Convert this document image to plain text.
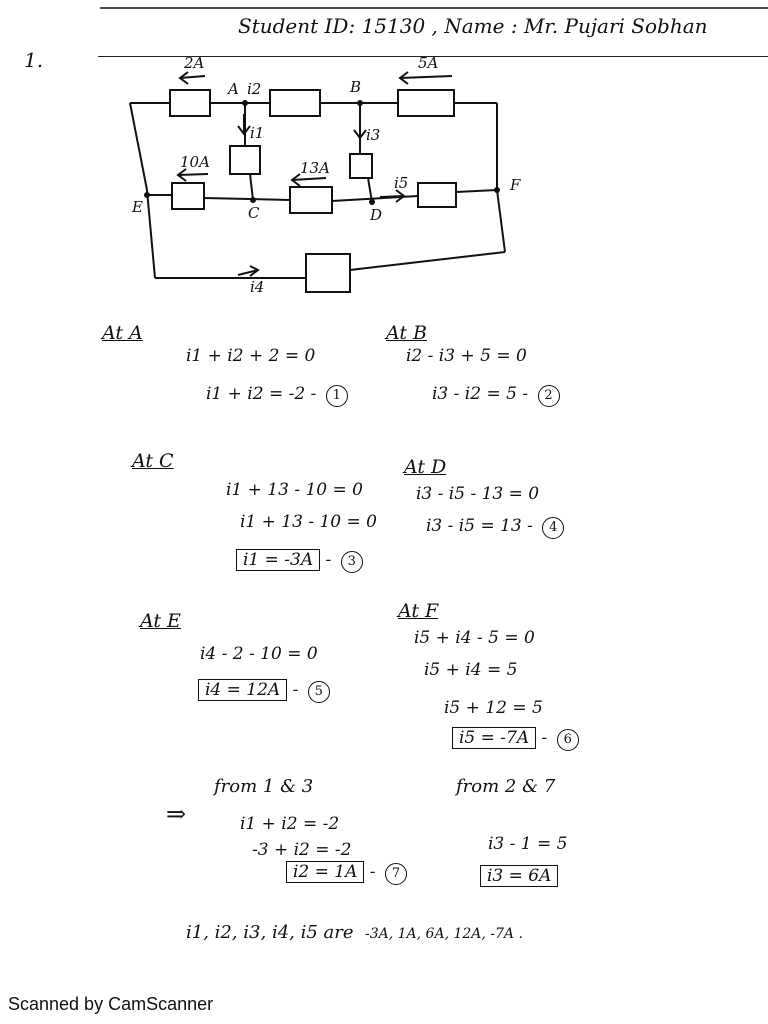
Student ID: 15130 , Name : Mr. Pujari Sobhan
1.	2A	5A
10A	13A
i1
i2
i3
i4
i5
A	B
C	D
E
F
At A
i1 + i2 + 2 = 0
i1 + i2 = -2 - 1
At B
i2 - i3 + 5 = 0
i3 - i2 = 5 - 2
At C
i1 + 13 - 10 = 0
i1 + 13 - 10 = 0
i1 = -3A - 3
At D
i3 - i5 - 13 = 0
i3 - i5 = 13 - 4
At E
i4 - 2 - 10 = 0
i4 = 12A - 5
At F
i5 + i4 - 5 = 0
i5 + i4 = 5
i5 + 12 = 5
i5 = -7A - 6
from 1 & 3
⇒	i1 + i2 = -2
-3 + i2 = -2
i2 = 1A - 7
from 2 & 7
i3 - 1 = 5
i3 = 6A
i1, i2, i3, i4, i5 are -3A, 1A, 6A, 12A, -7A .
Scanned by CamScanner
